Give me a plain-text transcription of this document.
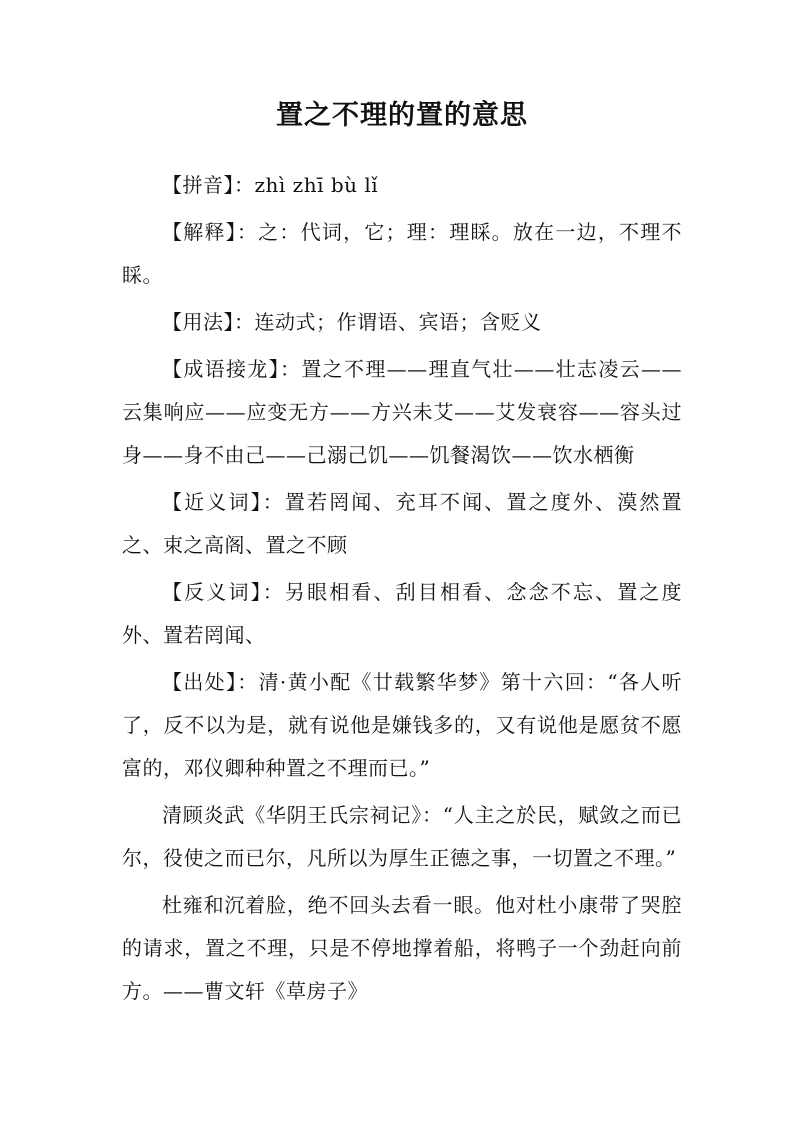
置之不理的置的意思

【拼音】：zhì zhī bù lǐ

【解释】：之：代词，它；理：理睬。放在一边，不理不睬。

【用法】：连动式；作谓语、宾语；含贬义

【成语接龙】：置之不理——理直气壮——壮志凌云——云集响应——应变无方——方兴未艾——艾发衰容——容头过身——身不由己——己溺己饥——饥餐渴饮——饮水栖衡

【近义词】：置若罔闻、充耳不闻、置之度外、漠然置之、束之高阁、置之不顾

【反义词】：另眼相看、刮目相看、念念不忘、置之度外、置若罔闻、

【出处】：清·黄小配《廿载繁华梦》第十六回：“各人听了，反不以为是，就有说他是嫌钱多的，又有说他是愿贫不愿富的，邓仪卿种种置之不理而已。”

清顾炎武《华阴王氏宗祠记》：“人主之於民，赋敛之而已尔，役使之而已尔，凡所以为厚生正德之事，一切置之不理。”

杜雍和沉着脸，绝不回头去看一眼。他对杜小康带了哭腔的请求，置之不理，只是不停地撑着船，将鸭子一个劲赶向前方。——曹文轩《草房子》
